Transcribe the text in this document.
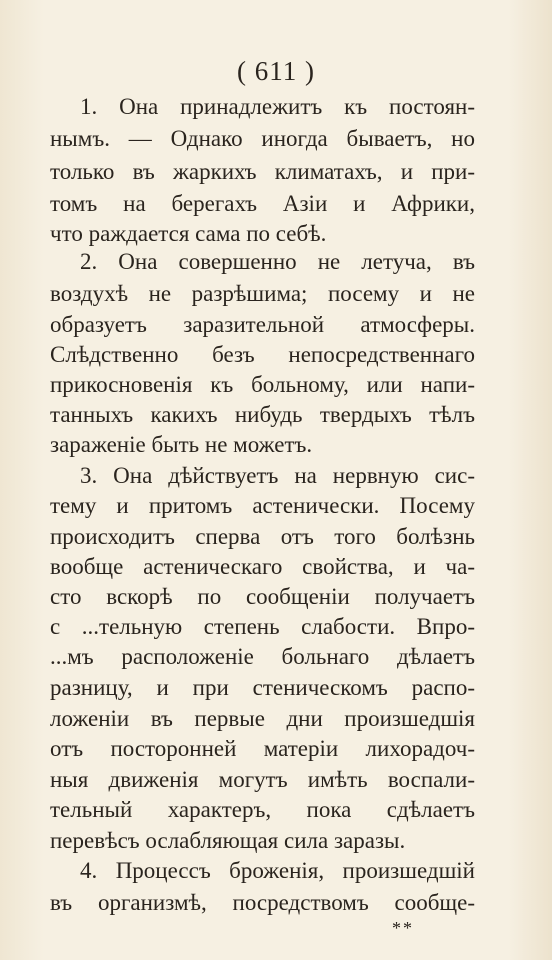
( 611 )
1. Она принадлежитъ къ постоян-
нымъ. — Однако иногда бываетъ, но
только въ жаркихъ климатахъ, и при-
томъ на берегахъ Азіи и Африки,
что раждается сама по себѣ.
2. Она совершенно не летуча, въ
воздухѣ не разрѣшима; посему и не
образуетъ заразительной атмосферы.
Слѣдственно безъ непосредственнаго
прикосновенія къ больному, или напи-
танныхъ какихъ нибудь твердыхъ тѣлъ
зараженіе быть не можетъ.
3. Она дѣйствуетъ на нервную сис-
тему и притомъ астенически. Посему
происходитъ сперва отъ того болѣзнь
вообще астеническаго свойства, и ча-
сто вскорѣ по сообщеніи получаетъ
c ...тельную степень слабости. Впро-
...мъ расположеніе больнаго дѣлаетъ
разницу, и при стеническомъ распо-
ложеніи въ первые дни произшедшія
отъ посторонней матеріи лихорадоч-
ныя движенія могутъ имѣть воспали-
тельный характеръ, пока сдѣлаетъ
перевѣсъ ослабляющая сила заразы.
4. Процессъ броженія, произшедшій
въ организмѣ, посредствомъ сообще-
**
